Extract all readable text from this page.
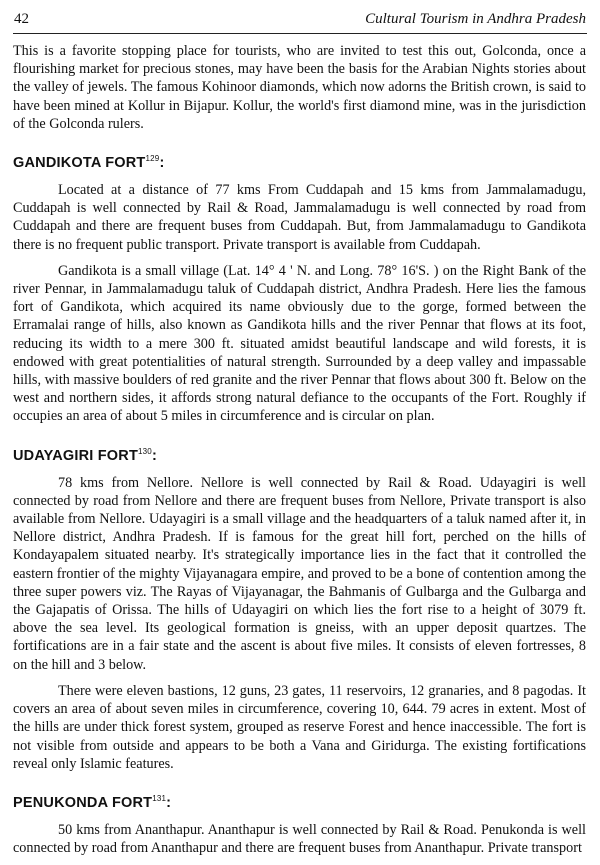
42	Cultural Tourism in Andhra Pradesh

This is a favorite stopping place for tourists, who are invited to test this out, Golconda, once a flourishing market for precious stones, may have been the basis for the Arabian Nights stories about the valley of jewels. The famous Kohinoor diamonds, which now adorns the British crown, is said to have been mined at Kollur in Bijapur. Kollur, the world's first diamond mine, was in the jurisdiction of the Golconda rulers.

GANDIKOTA FORT$^{129}$:

Located at a distance of 77 kms From Cuddapah and 15 kms from Jammalamadugu, Cuddapah is well connected by Rail & Road, Jammalamadugu is well connected by road from Cuddapah and there are frequent buses from Cuddapah. But, from Jammalamadugu to Gandikota there is no frequent public transport. Private transport is available from Cuddapah.

Gandikota is a small village (Lat. 14° 4 ' N. and Long. 78° 16'S. ) on the Right Bank of the river Pennar, in Jammalamadugu taluk of Cuddapah district, Andhra Pradesh. Here lies the famous fort of Gandikota, which acquired its name obviously due to the gorge, formed between the Erramalai range of hills, also known as Gandikota hills and the river Pennar that flows at its foot, reducing its width to a mere 300 ft. situated amidst beautiful landscape and wild forests, it is endowed with great potentialities of natural strength. Surrounded by a deep valley and impassable hills, with massive boulders of red granite and the river Pennar that flows about 300 ft. Below on the west and northern sides, it affords strong natural defiance to the occupants of the Fort. Roughly if occupies an area of about 5 miles in circumference and is circular on plan.

UDAYAGIRI FORT$^{130}$:

78 kms from Nellore. Nellore is well connected by Rail & Road. Udayagiri is well connected by road from Nellore and there are frequent buses from Nellore, Private transport is also available from Nellore. Udayagiri is a small village and the headquarters of a taluk named after it, in Nellore district, Andhra Pradesh. If is famous for the great hill fort, perched on the hills of Kondayapalem situated nearby. It's strategically importance lies in the fact that it controlled the eastern frontier of the mighty Vijayanagara empire, and proved to be a bone of contention among the three super powers viz. The Rayas of Vijayanagar, the Bahmanis of Gulbarga and the Gulbarga and the Gajapatis of Orissa. The hills of Udayagiri on which lies the fort rise to a height of 3079 ft. above the sea level. Its geological formation is gneiss, with an upper deposit quartzes. The fortifications are in a fair state and the ascent is about five miles. It consists of eleven fortresses, 8 on the hill and 3 below.

There were eleven bastions, 12 guns, 23 gates, 11 reservoirs, 12 granaries, and 8 pagodas. It covers an area of about seven miles in circumference, covering 10, 644. 79 acres in extent. Most of the hills are under thick forest system, grouped as reserve Forest and hence inaccessible. The fort is not visible from outside and appears to be both a Vana and Giridurga. The existing fortifications reveal only Islamic features.

PENUKONDA FORT$^{131}$:

50 kms from Ananthapur. Ananthapur is well connected by Rail & Road. Penukonda is well connected by road from Ananthapur and there are frequent buses from Ananthapur. Private transport
